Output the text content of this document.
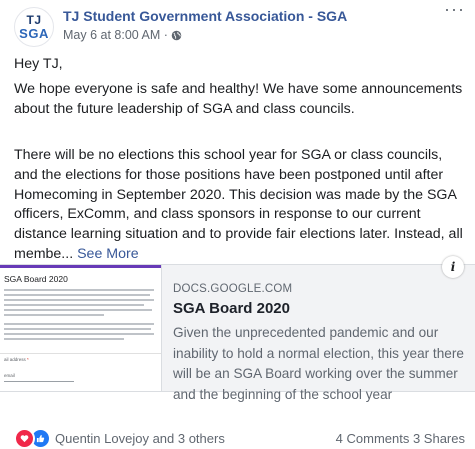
TJ
SGA
TJ Student Government Association - SGA
May 6 at 8:00 AM ·
···
Hey TJ,
We hope everyone is safe and healthy! We have some announcements about the future leadership of SGA and class councils.
There will be no elections this school year for SGA or class councils, and the elections for those positions have been postponed until after Homecoming in September 2020. This decision was made by the SGA officers, ExComm, and class sponsors in response to our current distance learning situation and to provide fair elections later. Instead, all membe... See More
SGA Board 2020
ail address *
email
DOCS.GOOGLE.COM
SGA Board 2020
Given the unprecedented pandemic and our inability to hold a normal election, this year there will be an SGA Board working over the summer and the beginning of the school year
i
Quentin Lovejoy and 3 others	4 Comments 3 Shares
